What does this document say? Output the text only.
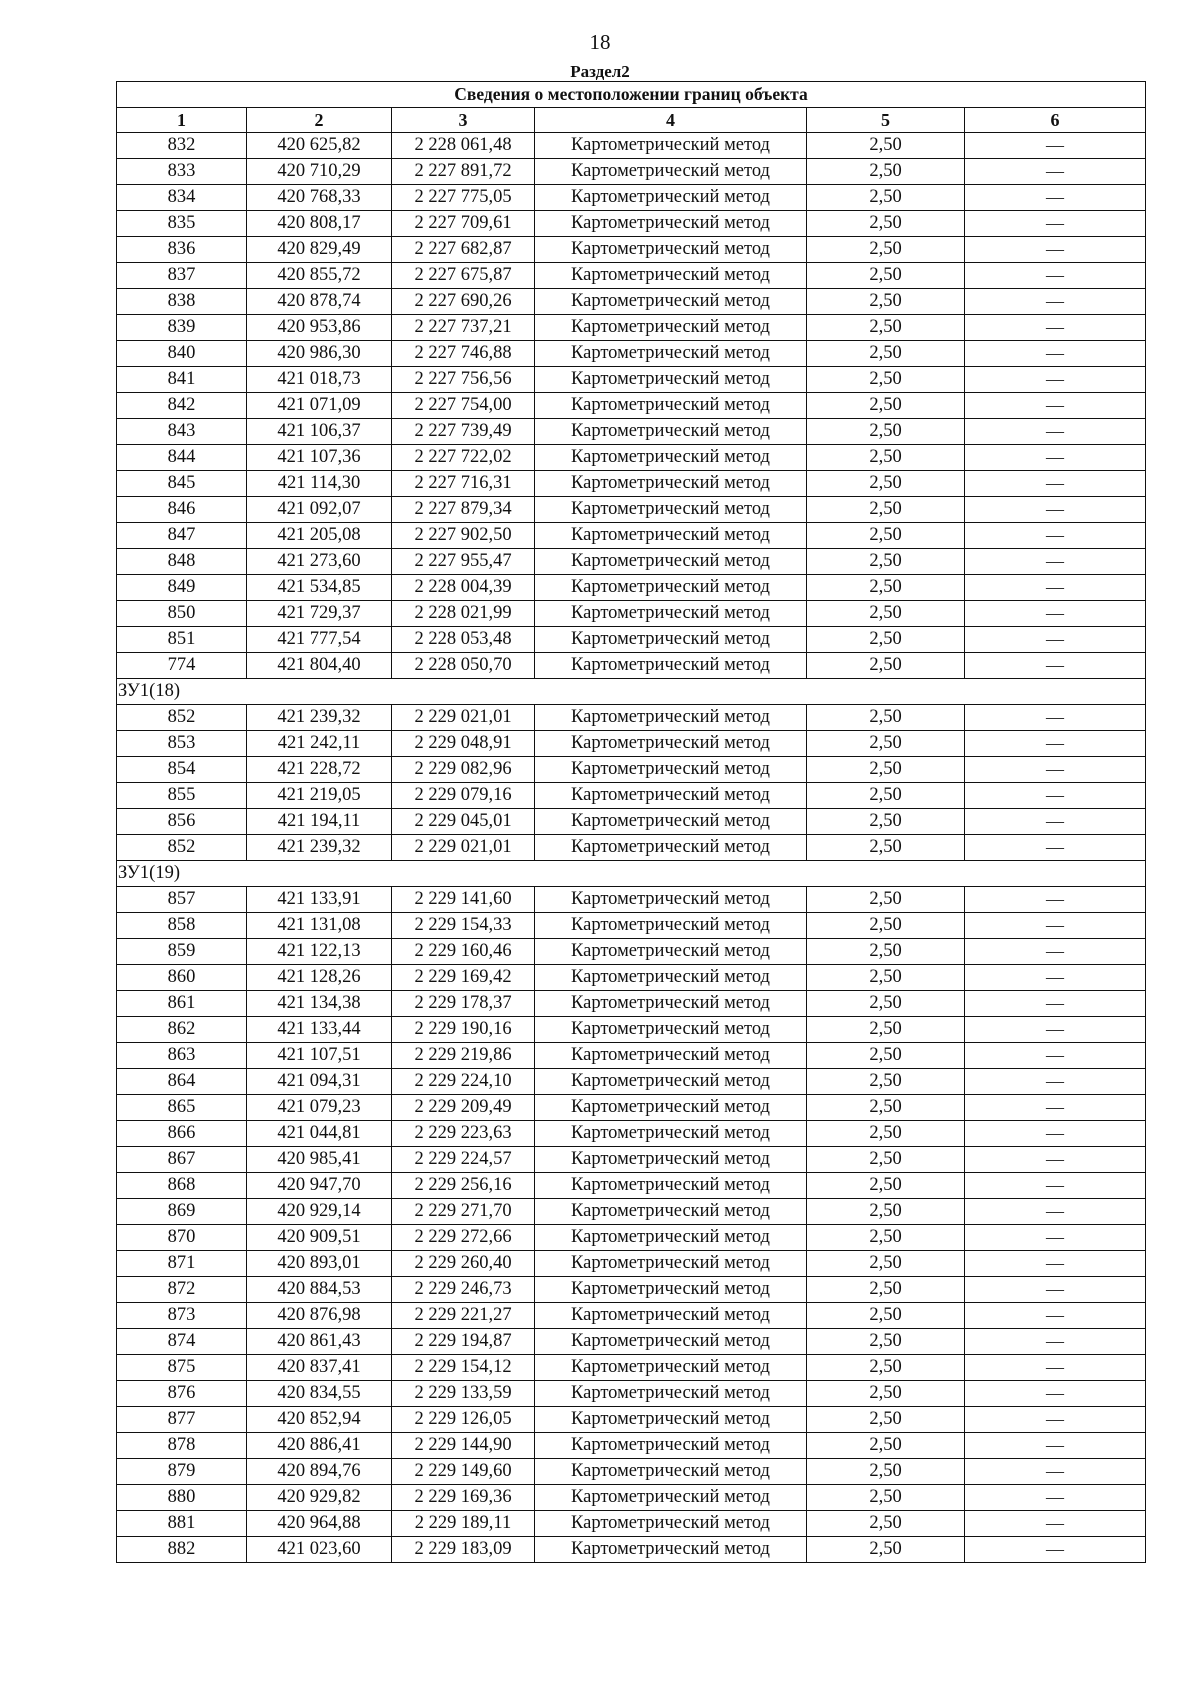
18
Раздел2
Сведения о местоположении границ объекта					
1	2	3	4	5	6
832	420 625,82	2 228 061,48	Картометрический метод	2,50	—
833	420 710,29	2 227 891,72	Картометрический метод	2,50	—
834	420 768,33	2 227 775,05	Картометрический метод	2,50	—
835	420 808,17	2 227 709,61	Картометрический метод	2,50	—
836	420 829,49	2 227 682,87	Картометрический метод	2,50	—
837	420 855,72	2 227 675,87	Картометрический метод	2,50	—
838	420 878,74	2 227 690,26	Картометрический метод	2,50	—
839	420 953,86	2 227 737,21	Картометрический метод	2,50	—
840	420 986,30	2 227 746,88	Картометрический метод	2,50	—
841	421 018,73	2 227 756,56	Картометрический метод	2,50	—
842	421 071,09	2 227 754,00	Картометрический метод	2,50	—
843	421 106,37	2 227 739,49	Картометрический метод	2,50	—
844	421 107,36	2 227 722,02	Картометрический метод	2,50	—
845	421 114,30	2 227 716,31	Картометрический метод	2,50	—
846	421 092,07	2 227 879,34	Картометрический метод	2,50	—
847	421 205,08	2 227 902,50	Картометрический метод	2,50	—
848	421 273,60	2 227 955,47	Картометрический метод	2,50	—
849	421 534,85	2 228 004,39	Картометрический метод	2,50	—
850	421 729,37	2 228 021,99	Картометрический метод	2,50	—
851	421 777,54	2 228 053,48	Картометрический метод	2,50	—
774	421 804,40	2 228 050,70	Картометрический метод	2,50	—
ЗУ1(18)					
852	421 239,32	2 229 021,01	Картометрический метод	2,50	—
853	421 242,11	2 229 048,91	Картометрический метод	2,50	—
854	421 228,72	2 229 082,96	Картометрический метод	2,50	—
855	421 219,05	2 229 079,16	Картометрический метод	2,50	—
856	421 194,11	2 229 045,01	Картометрический метод	2,50	—
852	421 239,32	2 229 021,01	Картометрический метод	2,50	—
ЗУ1(19)					
857	421 133,91	2 229 141,60	Картометрический метод	2,50	—
858	421 131,08	2 229 154,33	Картометрический метод	2,50	—
859	421 122,13	2 229 160,46	Картометрический метод	2,50	—
860	421 128,26	2 229 169,42	Картометрический метод	2,50	—
861	421 134,38	2 229 178,37	Картометрический метод	2,50	—
862	421 133,44	2 229 190,16	Картометрический метод	2,50	—
863	421 107,51	2 229 219,86	Картометрический метод	2,50	—
864	421 094,31	2 229 224,10	Картометрический метод	2,50	—
865	421 079,23	2 229 209,49	Картометрический метод	2,50	—
866	421 044,81	2 229 223,63	Картометрический метод	2,50	—
867	420 985,41	2 229 224,57	Картометрический метод	2,50	—
868	420 947,70	2 229 256,16	Картометрический метод	2,50	—
869	420 929,14	2 229 271,70	Картометрический метод	2,50	—
870	420 909,51	2 229 272,66	Картометрический метод	2,50	—
871	420 893,01	2 229 260,40	Картометрический метод	2,50	—
872	420 884,53	2 229 246,73	Картометрический метод	2,50	—
873	420 876,98	2 229 221,27	Картометрический метод	2,50	—
874	420 861,43	2 229 194,87	Картометрический метод	2,50	—
875	420 837,41	2 229 154,12	Картометрический метод	2,50	—
876	420 834,55	2 229 133,59	Картометрический метод	2,50	—
877	420 852,94	2 229 126,05	Картометрический метод	2,50	—
878	420 886,41	2 229 144,90	Картометрический метод	2,50	—
879	420 894,76	2 229 149,60	Картометрический метод	2,50	—
880	420 929,82	2 229 169,36	Картометрический метод	2,50	—
881	420 964,88	2 229 189,11	Картометрический метод	2,50	—
882	421 023,60	2 229 183,09	Картометрический метод	2,50	—
